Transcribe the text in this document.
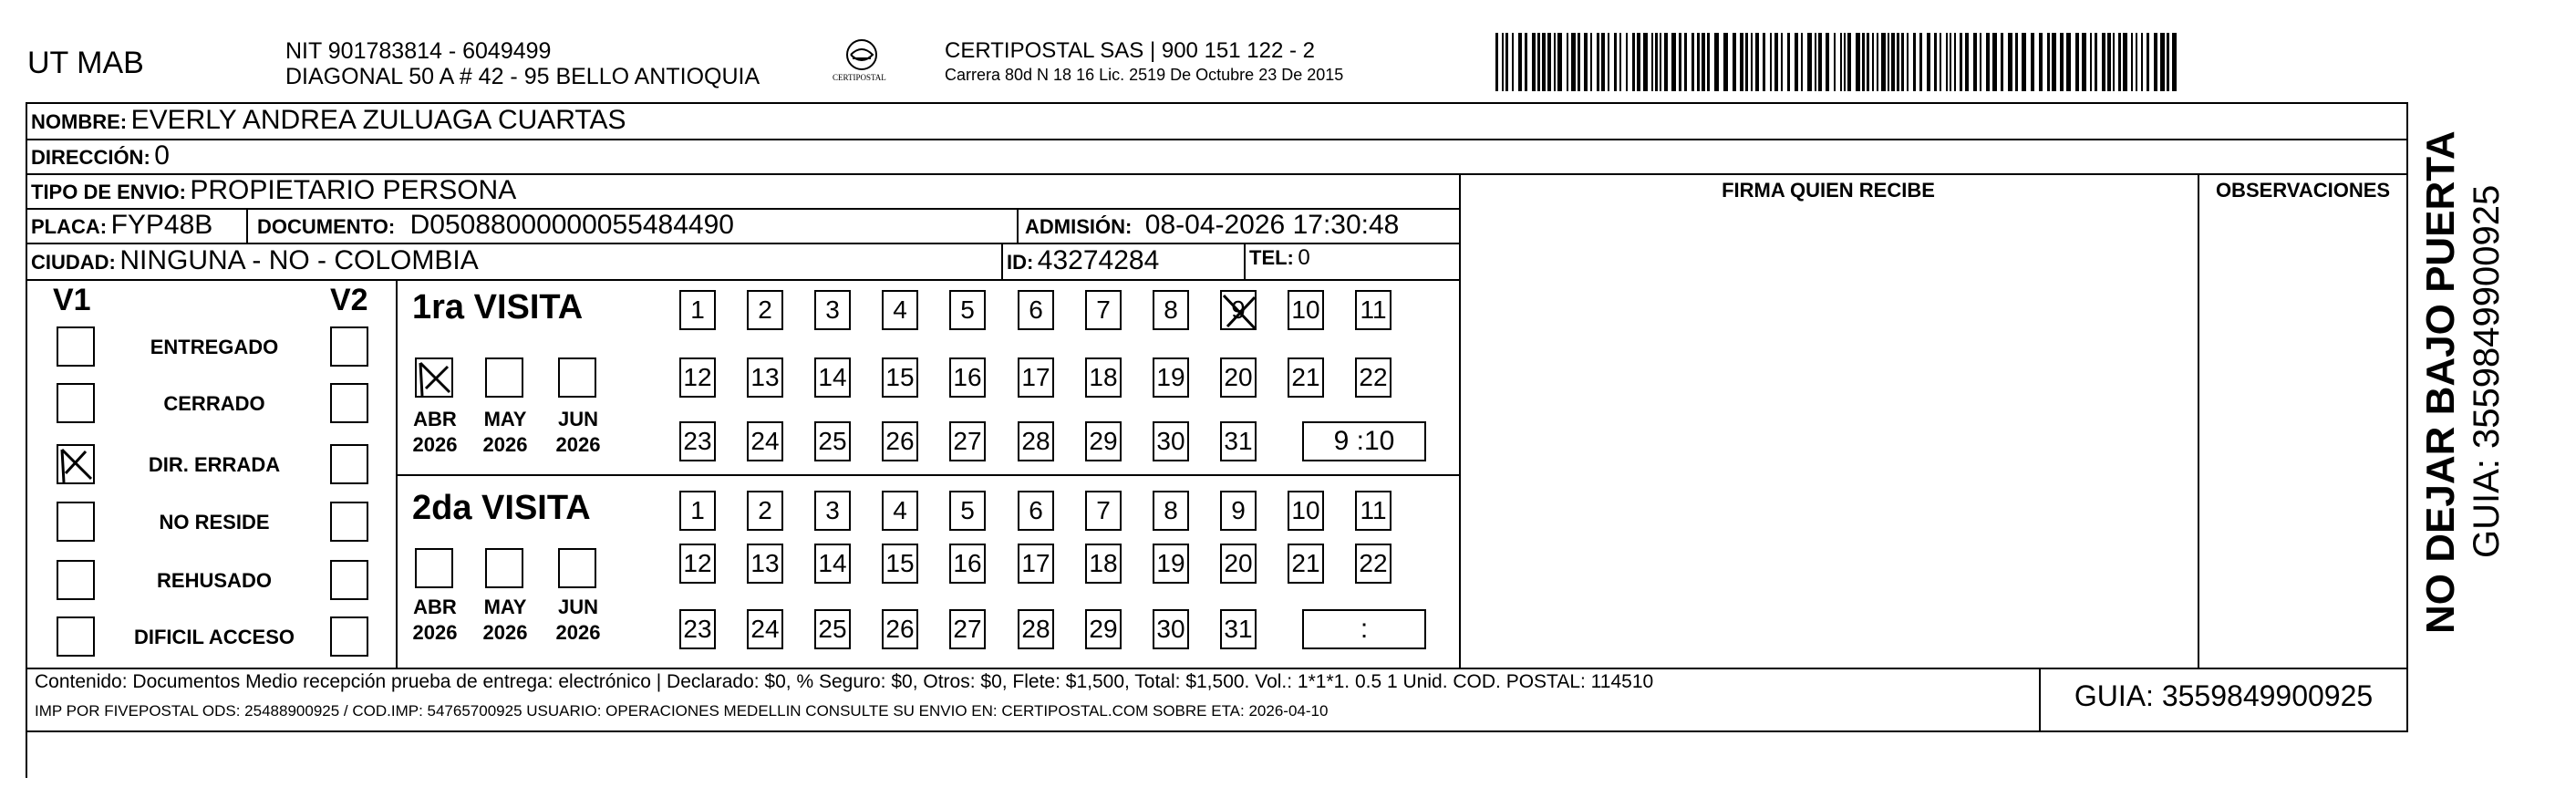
UT MAB	NIT 901783814 - 6049499
DIAGONAL 50 A # 42 - 95 BELLO ANTIOQUIA	CERTIPOSTAL
CERTIPOSTAL SAS | 900 151 122 - 2
Carrera 80d N 18 16 Lic. 2519 De Octubre 23 De 2015
NOMBRE: EVERLY ANDREA ZULUAGA CUARTAS
DIRECCIÓN: 0
TIPO DE ENVIO: PROPIETARIO PERSONA	FIRMA QUIEN RECIBE	OBSERVACIONES
PLACA: FYP48B DOCUMENTO: D05088000000055484490	ADMISIÓN: 08-04-2026 17:30:48
CIUDAD: NINGUNA - NO - COLOMBIA	ID: 43274284	TEL: 0
V1	V2
ENTREGADO
CERRADO
DIR. ERRADA
NO RESIDE
REHUSADO
DIFICIL ACCESO
1ra VISITA
2da VISITA
ABR
2026
MAY
2026
JUN
2026
ABR
2026
MAY
2026
JUN
2026
1	2	3	4	5	6	7	8	9	10 11
12 13 14 15 16 17 18 19 20 21 22
23 24 25 26 27 28 29 30 31	9 :10
1	2	3	4	5	6	7	8	9	10 11
12 13 14 15 16 17 18 19 20 21 22
23 24 25 26 27 28 29 30 31	:
Contenido: Documentos Medio recepción prueba de entrega: electrónico | Declarado: $0, % Seguro: $0, Otros: $0, Flete: $1,500, Total: $1,500. Vol.: 1*1*1. 0.5 1 Unid. COD. POSTAL: 114510
IMP POR FIVEPOSTAL ODS: 25488900925 / COD.IMP: 54765700925 USUARIO: OPERACIONES MEDELLIN CONSULTE SU ENVIO EN: CERTIPOSTAL.COM SOBRE ETA: 2026-04-10	GUIA: 3559849900925
NO DEJAR BAJO PUERTA GUIA: 3559849900925
